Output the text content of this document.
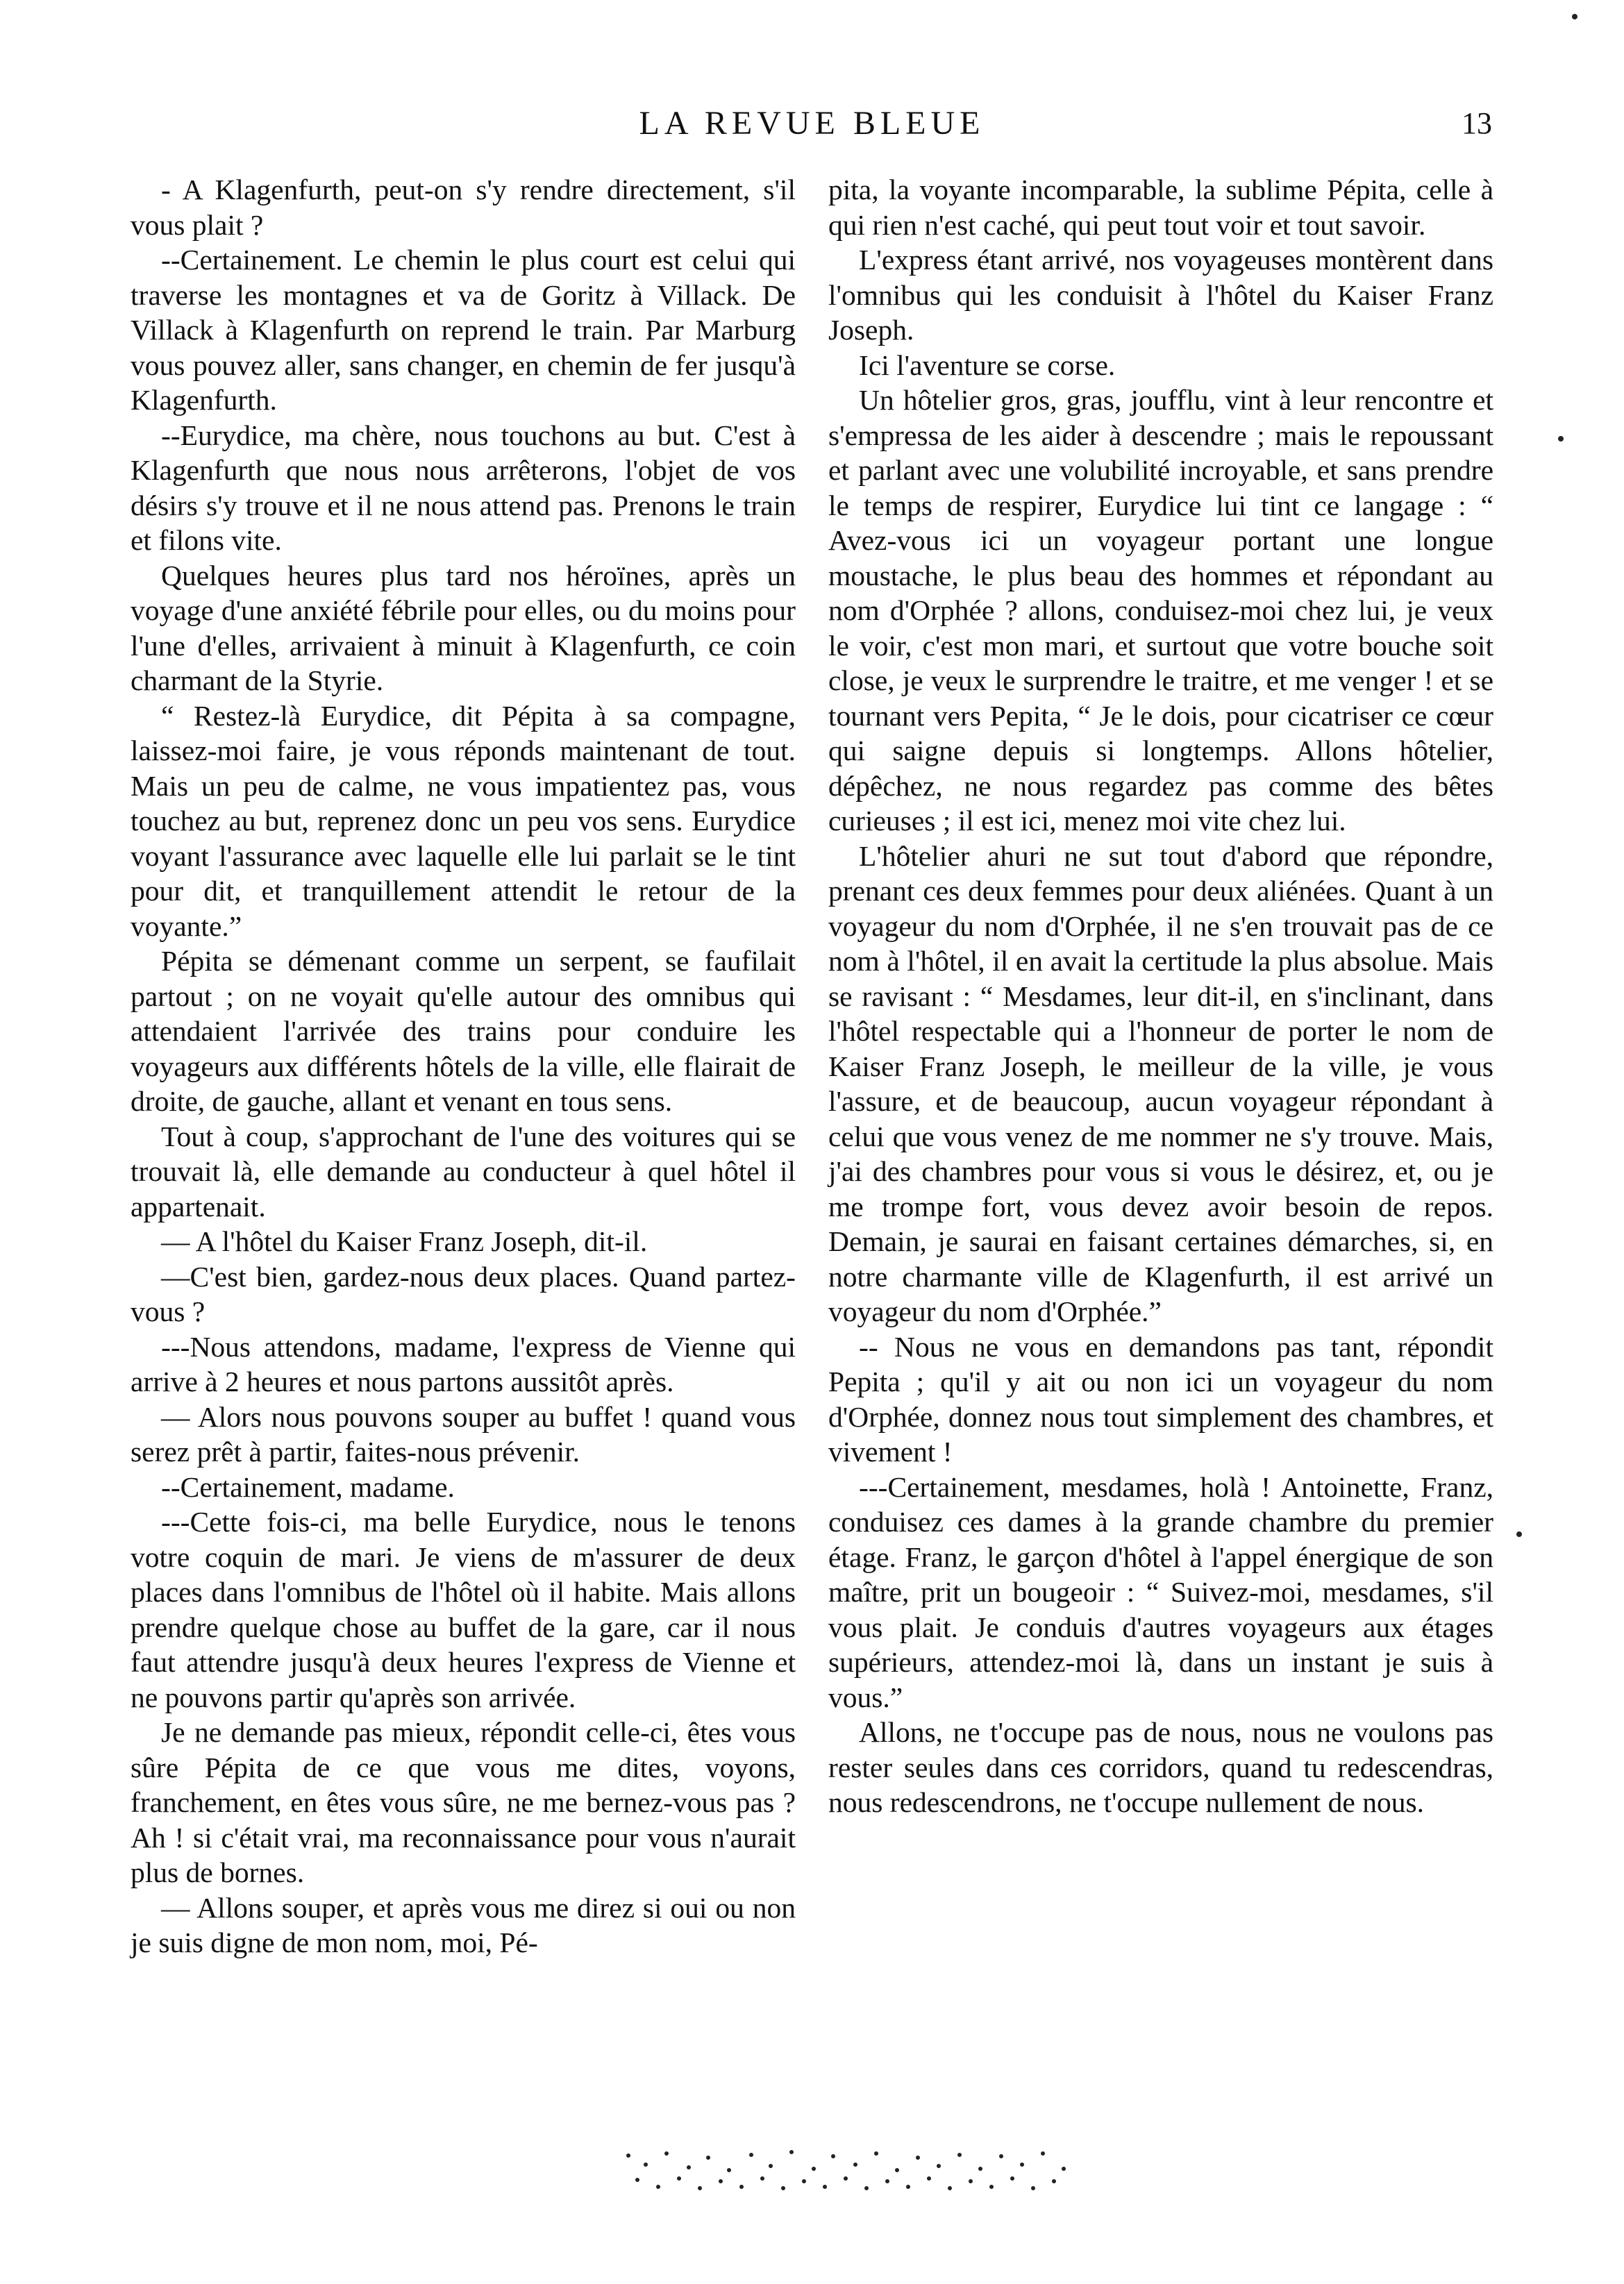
LA REVUE BLEUE	13

- A Klagenfurth, peut-on s'y rendre directement, s'il vous plait ?

--Certainement. Le chemin le plus court est celui qui traverse les montagnes et va de Goritz à Villack. De Villack à Klagenfurth on reprend le train. Par Marburg vous pouvez aller, sans changer, en chemin de fer jusqu'à Klagenfurth.

--Eurydice, ma chère, nous touchons au but. C'est à Klagenfurth que nous nous arrêterons, l'objet de vos désirs s'y trouve et il ne nous attend pas. Prenons le train et filons vite.

Quelques heures plus tard nos héroïnes, après un voyage d'une anxiété fébrile pour elles, ou du moins pour l'une d'elles, arrivaient à minuit à Klagenfurth, ce coin charmant de la Styrie.

“ Restez-là Eurydice, dit Pépita à sa compagne, laissez-moi faire, je vous réponds maintenant de tout. Mais un peu de calme, ne vous impatientez pas, vous touchez au but, reprenez donc un peu vos sens. Eurydice voyant l'assurance avec laquelle elle lui parlait se le tint pour dit, et tranquillement attendit le retour de la voyante.”

Pépita se démenant comme un serpent, se faufilait partout ; on ne voyait qu'elle autour des omnibus qui attendaient l'arrivée des trains pour conduire les voyageurs aux différents hôtels de la ville, elle flairait de droite, de gauche, allant et venant en tous sens.

Tout à coup, s'approchant de l'une des voitures qui se trouvait là, elle demande au conducteur à quel hôtel il appartenait.

— A l'hôtel du Kaiser Franz Joseph, dit-il.

—C'est bien, gardez-nous deux places. Quand partez-vous ?

---Nous attendons, madame, l'express de Vienne qui arrive à 2 heures et nous partons aussitôt après.

— Alors nous pouvons souper au buffet ! quand vous serez prêt à partir, faites-nous prévenir.

--Certainement, madame.

---Cette fois-ci, ma belle Eurydice, nous le tenons votre coquin de mari. Je viens de m'assurer de deux places dans l'omnibus de l'hôtel où il habite. Mais allons prendre quelque chose au buffet de la gare, car il nous faut attendre jusqu'à deux heures l'express de Vienne et ne pouvons partir qu'après son arrivée.

Je ne demande pas mieux, répondit celle-ci, êtes vous sûre Pépita de ce que vous me dites, voyons, franchement, en êtes vous sûre, ne me bernez-vous pas ? Ah ! si c'était vrai, ma reconnaissance pour vous n'aurait plus de bornes.

— Allons souper, et après vous me direz si oui ou non je suis digne de mon nom, moi, Pé-

pita, la voyante incomparable, la sublime Pépita, celle à qui rien n'est caché, qui peut tout voir et tout savoir.

L'express étant arrivé, nos voyageuses montèrent dans l'omnibus qui les conduisit à l'hôtel du Kaiser Franz Joseph.

Ici l'aventure se corse.

Un hôtelier gros, gras, joufflu, vint à leur rencontre et s'empressa de les aider à descendre ; mais le repoussant et parlant avec une volubilité incroyable, et sans prendre le temps de respirer, Eurydice lui tint ce langage : “ Avez-vous ici un voyageur portant une longue moustache, le plus beau des hommes et répondant au nom d'Orphée ? allons, conduisez-moi chez lui, je veux le voir, c'est mon mari, et surtout que votre bouche soit close, je veux le surprendre le traitre, et me venger ! et se tournant vers Pepita, “ Je le dois, pour cicatriser ce cœur qui saigne depuis si longtemps. Allons hôtelier, dépêchez, ne nous regardez pas comme des bêtes curieuses ; il est ici, menez moi vite chez lui.

L'hôtelier ahuri ne sut tout d'abord que répondre, prenant ces deux femmes pour deux aliénées. Quant à un voyageur du nom d'Orphée, il ne s'en trouvait pas de ce nom à l'hôtel, il en avait la certitude la plus absolue. Mais se ravisant : “ Mesdames, leur dit-il, en s'inclinant, dans l'hôtel respectable qui a l'honneur de porter le nom de Kaiser Franz Joseph, le meilleur de la ville, je vous l'assure, et de beaucoup, aucun voyageur répondant à celui que vous venez de me nommer ne s'y trouve. Mais, j'ai des chambres pour vous si vous le désirez, et, ou je me trompe fort, vous devez avoir besoin de repos. Demain, je saurai en faisant certaines démarches, si, en notre charmante ville de Klagenfurth, il est arrivé un voyageur du nom d'Orphée.”

-- Nous ne vous en demandons pas tant, répondit Pepita ; qu'il y ait ou non ici un voyageur du nom d'Orphée, donnez nous tout simplement des chambres, et vivement !

---Certainement, mesdames, holà ! Antoinette, Franz, conduisez ces dames à la grande chambre du premier étage. Franz, le garçon d'hôtel à l'appel énergique de son maître, prit un bougeoir : “ Suivez-moi, mesdames, s'il vous plait. Je conduis d'autres voyageurs aux étages supérieurs, attendez-moi là, dans un instant je suis à vous.”

Allons, ne t'occupe pas de nous, nous ne voulons pas rester seules dans ces corridors, quand tu redescendras, nous redescendrons, ne t'occupe nullement de nous.
